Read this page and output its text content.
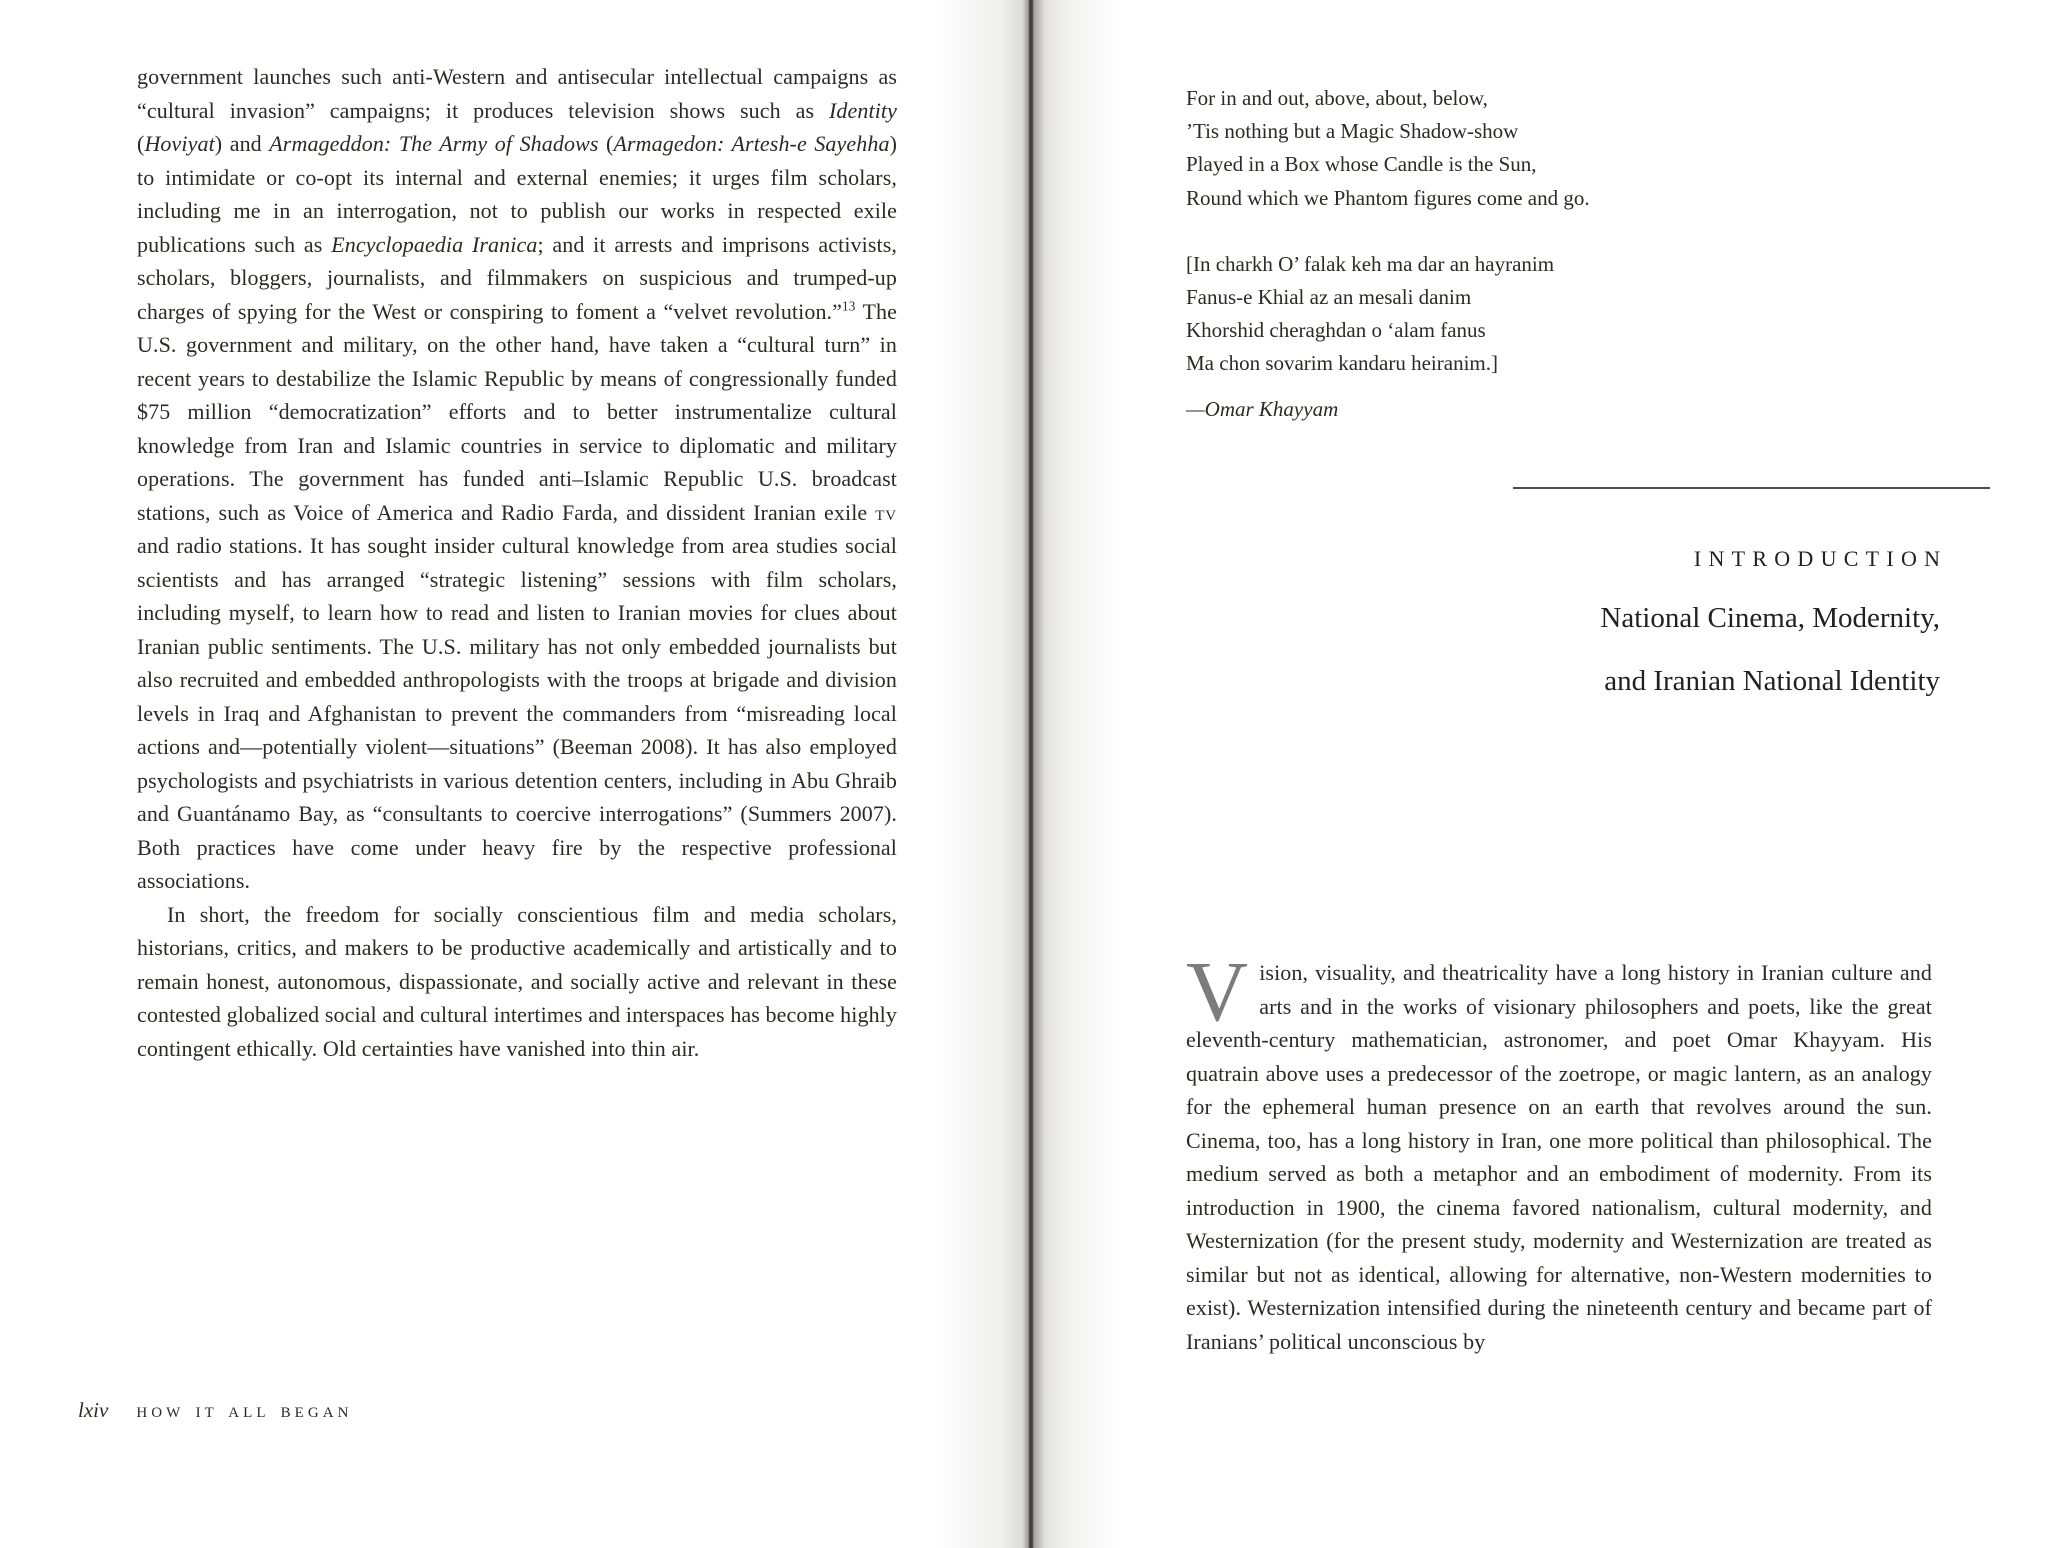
government launches such anti-Western and antisecular intellectual campaigns as “cultural invasion” campaigns; it produces television shows such as Identity (Hoviyat) and Armageddon: The Army of Shadows (Armagedon: Artesh-e Sayehha) to intimidate or co-opt its internal and external enemies; it urges film scholars, including me in an interrogation, not to publish our works in respected exile publications such as Encyclopaedia Iranica; and it arrests and imprisons activists, scholars, bloggers, journalists, and filmmakers on suspicious and trumped-up charges of spying for the West or conspiring to foment a “velvet revolution.”$^{13}$ The U.S. government and military, on the other hand, have taken a “cultural turn” in recent years to destabilize the Islamic Republic by means of congressionally funded $75 million “democratization” efforts and to better instrumentalize cultural knowledge from Iran and Islamic countries in service to diplomatic and military operations. The government has funded anti–Islamic Republic U.S. broadcast stations, such as Voice of America and Radio Farda, and dissident Iranian exile tv and radio stations. It has sought insider cultural knowledge from area studies social scientists and has arranged “strategic listening” sessions with film scholars, including myself, to learn how to read and listen to Iranian movies for clues about Iranian public sentiments. The U.S. military has not only embedded journalists but also recruited and embedded anthropologists with the troops at brigade and division levels in Iraq and Afghanistan to prevent the commanders from “misreading local actions and—potentially violent—situations” (Beeman 2008). It has also employed psychologists and psychiatrists in various detention centers, including in Abu Ghraib and Guantánamo Bay, as “consultants to coercive interrogations” (Summers 2007). Both practices have come under heavy fire by the respective professional associations.

In short, the freedom for socially conscientious film and media scholars, historians, critics, and makers to be productive academically and artistically and to remain honest, autonomous, dispassionate, and socially active and relevant in these contested globalized social and cultural intertimes and interspaces has become highly contingent ethically. Old certainties have vanished into thin air.

lxiv HOW IT ALL BEGAN
For in and out, above, about, below,
’Tis nothing but a Magic Shadow-show
Played in a Box whose Candle is the Sun,
Round which we Phantom figures come and go.
[In charkh O’ falak keh ma dar an hayranim
Fanus-e Khial az an mesali danim
Khorshid cheraghdan o ‘alam fanus
Ma chon sovarim kandaru heiranim.]
—Omar Khayyam
INTRODUCTION
National Cinema, Modernity,
and Iranian National Identity

Vision, visuality, and theatricality have a long history in Iranian culture and arts and in the works of visionary philosophers and poets, like the great eleventh-century mathematician, astronomer, and poet Omar Khayyam. His quatrain above uses a predecessor of the zoetrope, or magic lantern, as an analogy for the ephemeral human presence on an earth that revolves around the sun. Cinema, too, has a long history in Iran, one more political than philosophical. The medium served as both a metaphor and an embodiment of modernity. From its introduction in 1900, the cinema favored nationalism, cultural modernity, and Westernization (for the present study, modernity and Westernization are treated as similar but not as identical, allowing for alternative, non-Western modernities to exist). Westernization intensified during the nineteenth century and became part of Iranians’ political unconscious by
